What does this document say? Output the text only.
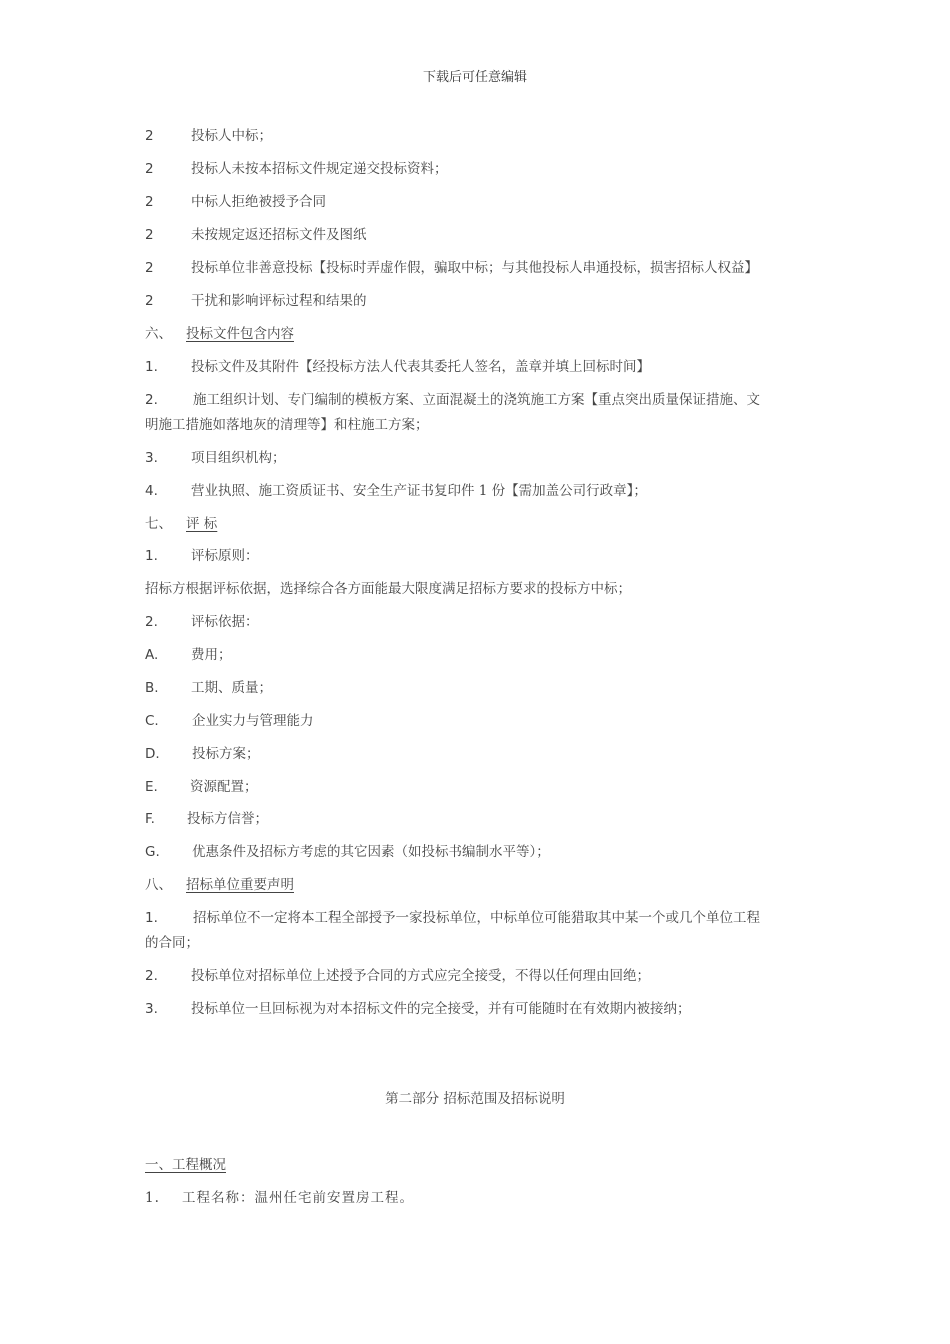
下载后可任意编辑
2	投标人中标；
2	投标人未按本招标文件规定递交投标资料；
2	中标人拒绝被授予合同
2	未按规定返还招标文件及图纸
2	投标单位非善意投标【投标时弄虚作假，骗取中标；与其他投标人串通投标，损害招标人权益】
2	干扰和影响评标过程和结果的
六、 投标文件包含内容
1. 投标文件及其附件【经投标方法人代表其委托人签名，盖章并填上回标时间】
2.	施工组织计划、专门编制的模板方案、立面混凝土的浇筑施工方案【重点突出质量保证措施、文
明施工措施如落地灰的清理等】和柱施工方案；
3. 项目组织机构；
4. 营业执照、施工资质证书、安全生产证书复印件 1 份【需加盖公司行政章】；
七、 评 标
1. 评标原则：
招标方根据评标依据，选择综合各方面能最大限度满足招标方要求的投标方中标；
2. 评标依据：
A. 费用；
B. 工期、质量；
C. 企业实力与管理能力
D. 投标方案；
E. 资源配置；
F. 投标方信誉；
G. 优惠条件及招标方考虑的其它因素（如投标书编制水平等）；
八、 招标单位重要声明
1.	招标单位不一定将本工程全部授予一家投标单位，中标单位可能猎取其中某一个或几个单位工程
的合同；
2. 投标单位对招标单位上述授予合同的方式应完全接受，不得以任何理由回绝；
3. 投标单位一旦回标视为对本招标文件的完全接受，并有可能随时在有效期内被接纳；
第二部分 招标范围及招标说明
一、工程概况
1. 工程名称：温州任宅前安置房工程。
